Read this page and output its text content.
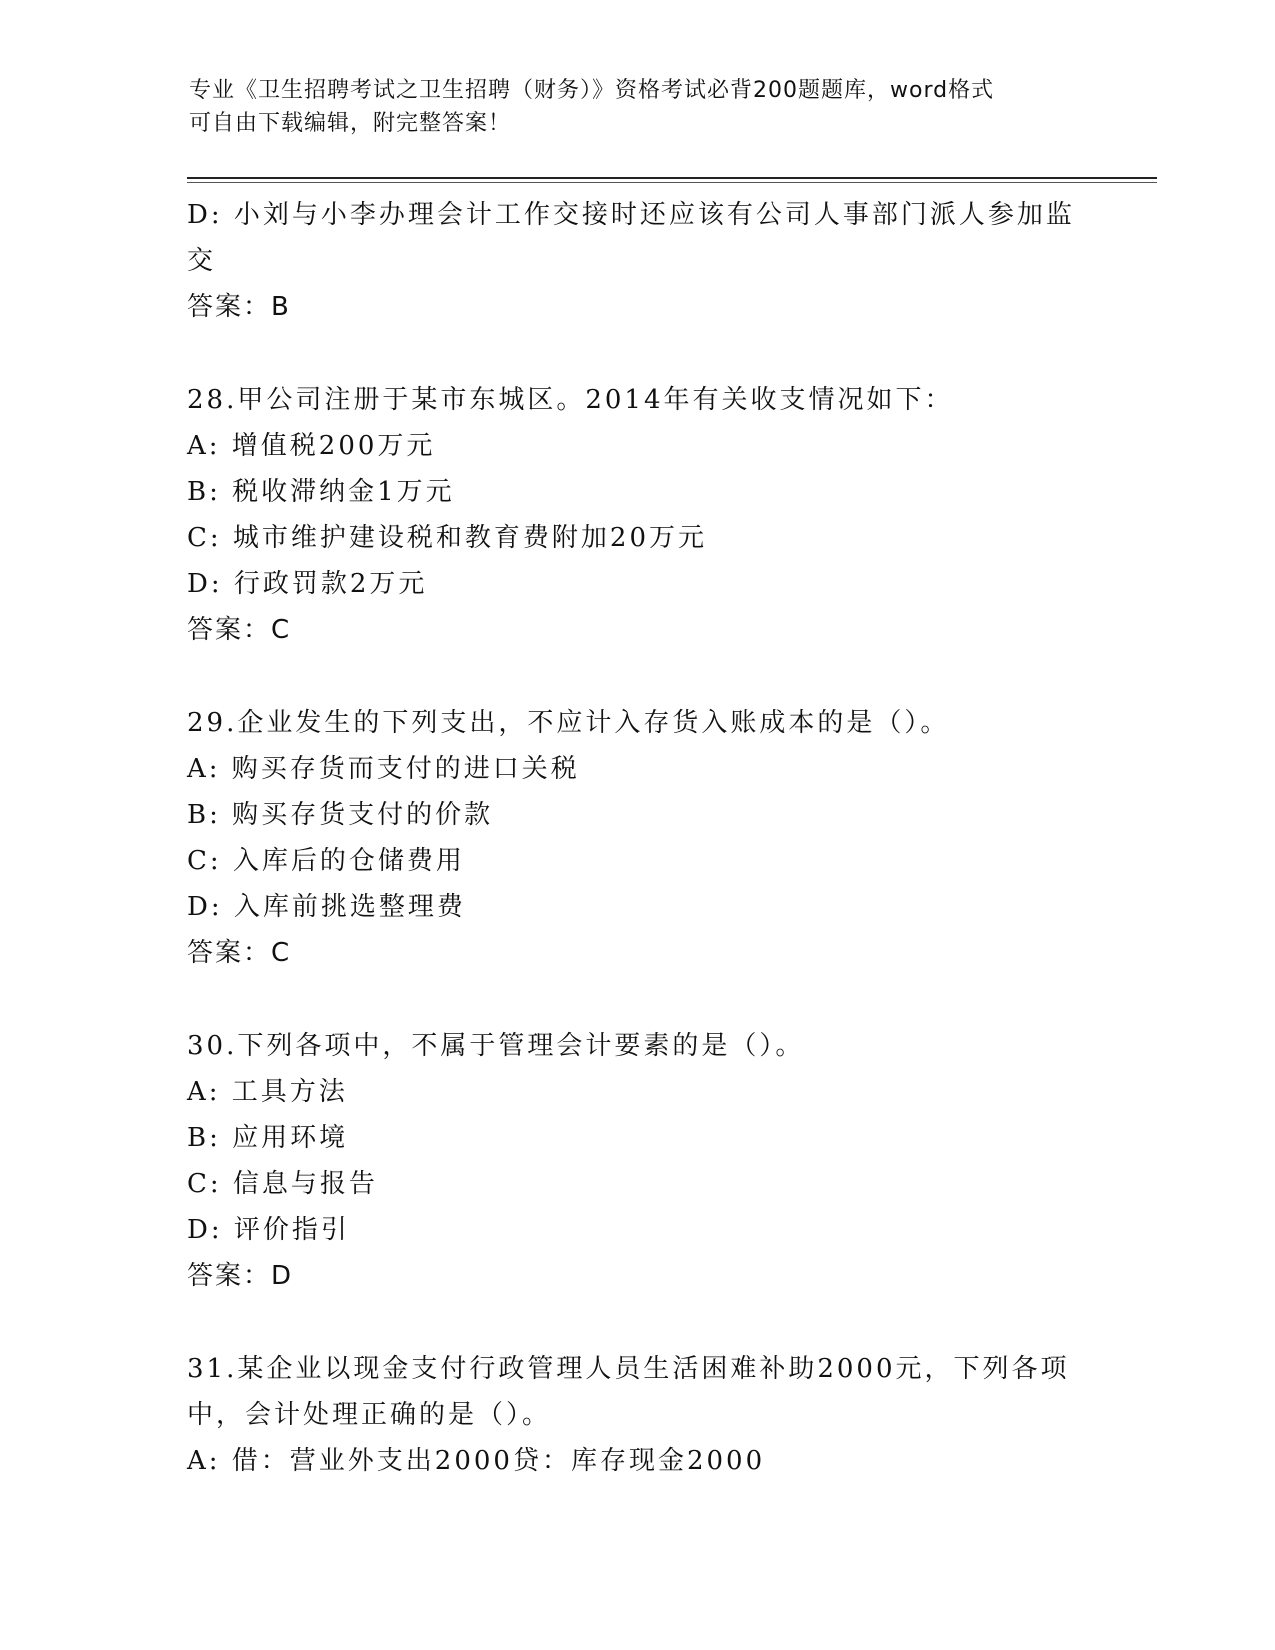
专业《卫生招聘考试之卫生招聘（财务）》资格考试必背200题题库，word格式
可自由下载编辑，附完整答案！
D: 小刘与小李办理会计工作交接时还应该有公司人事部门派人参加监
交
答案：B
28.甲公司注册于某市东城区。2014年有关收支情况如下：
A: 增值税200万元
B: 税收滞纳金1万元
C: 城市维护建设税和教育费附加20万元
D: 行政罚款2万元
答案：C
29.企业发生的下列支出，不应计入存货入账成本的是（）。
A: 购买存货而支付的进口关税
B: 购买存货支付的价款
C: 入库后的仓储费用
D: 入库前挑选整理费
答案：C
30.下列各项中，不属于管理会计要素的是（）。
A: 工具方法
B: 应用环境
C: 信息与报告
D: 评价指引
答案：D
31.某企业以现金支付行政管理人员生活困难补助2000元，下列各项
中，会计处理正确的是（）。
A: 借：营业外支出2000贷：库存现金2000
